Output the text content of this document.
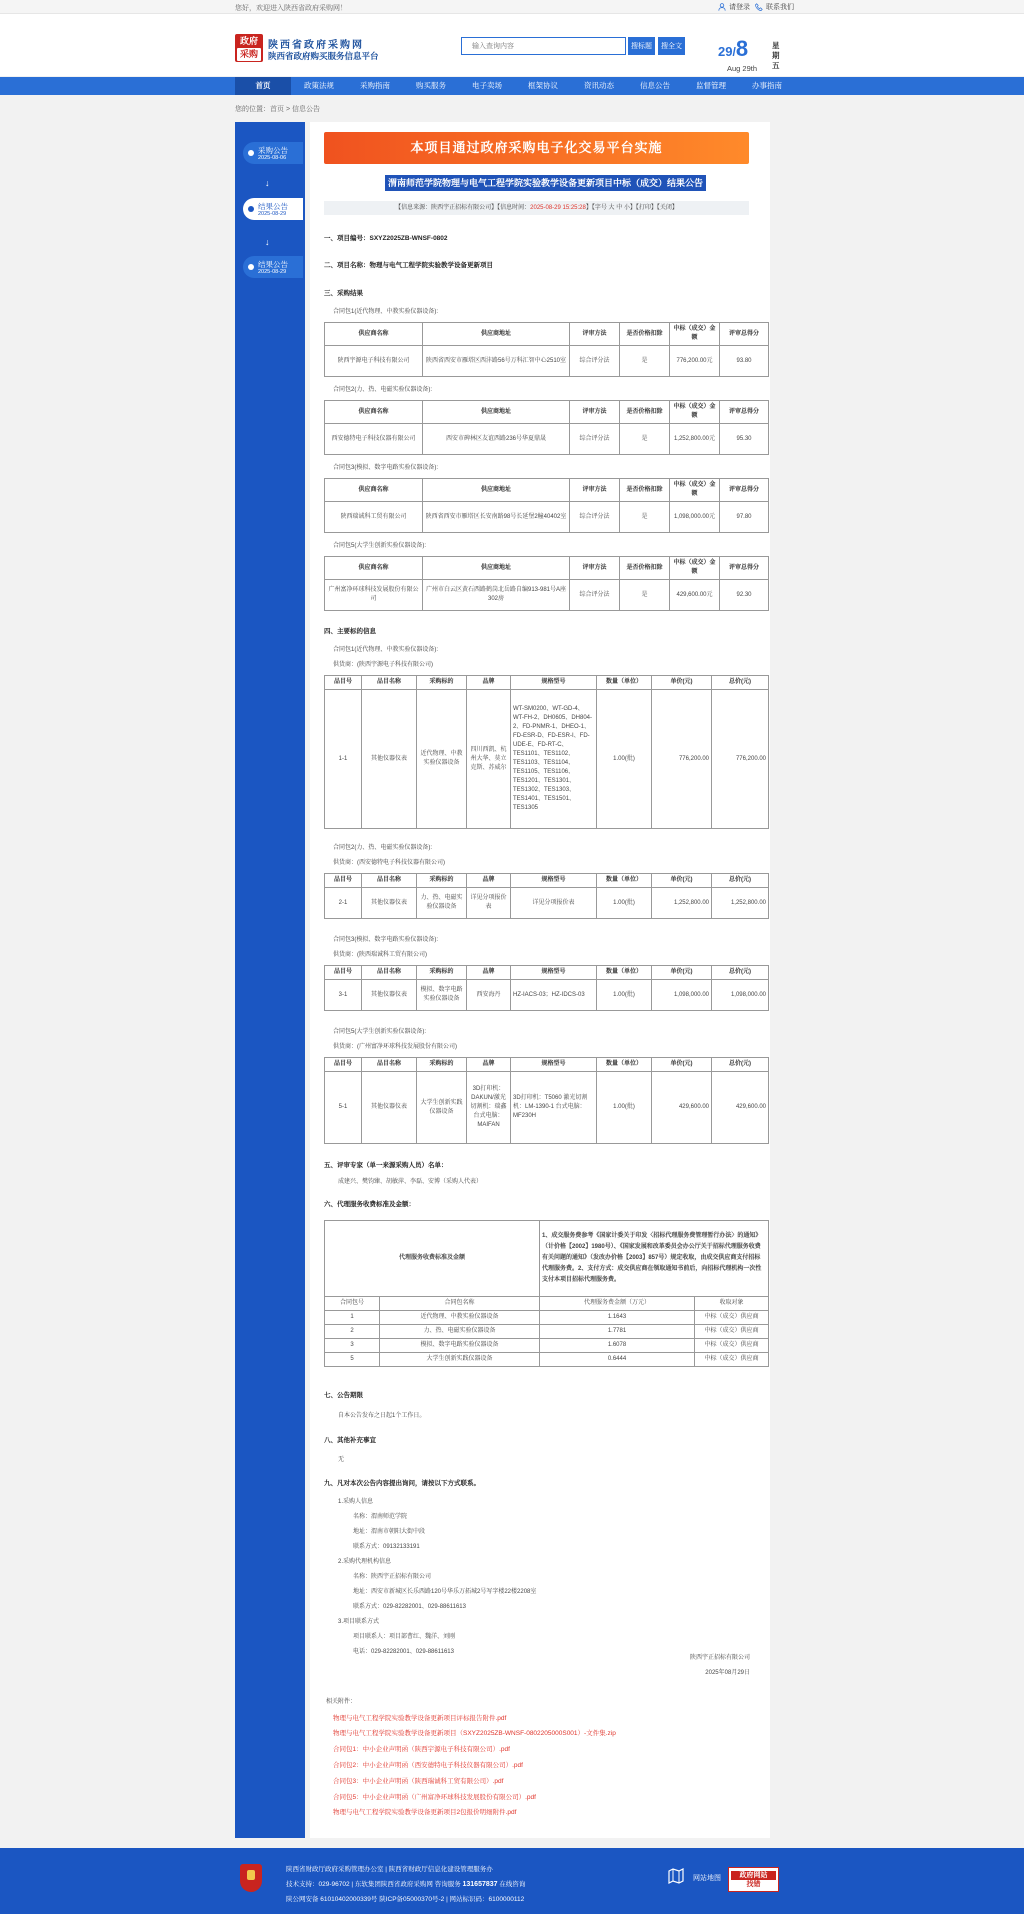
您好，欢迎进入陕西省政府采购网！	请登录 联系我们
政府
采购
陕西省政府采购网
陕西省政府购买服务信息平台
输入查询内容
搜标题	搜全文	29/8
Aug 29th
星期五
首页	政策法规	采购指南	购买服务	电子卖场	框架协议	资讯动态	信息公告	监督管理	办事指南
您的位置：首页 > 信息公告
采购公告
2025-08-06
↓
结果公告
2025-08-29
↓
结果公告
2025-08-29
本项目通过政府采购电子化交易平台实施
渭南师范学院物理与电气工程学院实验教学设备更新项目中标（成交）结果公告
【信息来源：陕西宇正招标有限公司】【信息时间：2025-08-29 15:25:28】【字号 大 中 小】【打印】【关闭】
一、项目编号：SXYZ2025ZB-WNSF-0802
二、项目名称：物理与电气工程学院实验教学设备更新项目
三、采购结果
合同包1(近代物理、中教实验仪器设备):
供应商名称	供应商地址	评审方法	是否价格扣除	中标（成交）金额	评审总得分
陕西宇源电子科技有限公司	陕西省西安市雁塔区西沣路56号万科汇智中心2510室	综合评分法	是	776,200.00元	93.80
合同包2(力、热、电磁实验仪器设备):
供应商名称	供应商地址	评审方法	是否价格扣除	中标（成交）金额	评审总得分
西安德特电子科技仪器有限公司	西安市碑林区友谊西路236号华夏鼎晟	综合评分法	是	1,252,800.00元	95.30
合同包3(模拟、数字电路实验仪器设备):
供应商名称	供应商地址	评审方法	是否价格扣除	中标（成交）金额	评审总得分
陕西瑞诚科工贸有限公司	陕西省西安市雁塔区长安南路98号长延堡2幢40402室	综合评分法	是	1,098,000.00元	97.80
合同包5(大学生创新实验仪器设备):
供应商名称	供应商地址	评审方法	是否价格扣除	中标（成交）金额	评审总得分
广州富净环球科技发展股份有限公司	广州市白云区黄石西路鹤岗北岳路自编913-981号A座302房	综合评分法	是	429,600.00元	92.30
四、主要标的信息
合同包1(近代物理、中教实验仪器设备):
供货商：(陕西宇源电子科技有限公司)
品目号	品目名称	采购标的	品牌	规格型号	数量（单位）	单价(元)	总价(元)
1-1	其他仪器仪表	近代物理、中教实验仪器设备	四川西凯、杭州大华、莫立克斯、苏威尔	WT-SM0200、WT-GD-4、WT-FH-2、DH0605、DH804-2、FD-PNMR-1、DHEO-1、FD-ESR-D、FD-ESR-I、FD-UDE-E、FD-RT-C、TES1101、TES1102、TES1103、TES1104、TES1105、TES1106、TES1201、TES1301、TES1302、TES1303、TES1401、TES1501、TES1305	1.00(批)	776,200.00	776,200.00
合同包2(力、热、电磁实验仪器设备):
供货商：(西安德特电子科技仪器有限公司)
品目号	品目名称	采购标的	品牌	规格型号	数量（单位）	单价(元)	总价(元)
2-1	其他仪器仪表	力、热、电磁实验仪器设备	详见分项报价表	详见分项报价表	1.00(批)	1,252,800.00	1,252,800.00
合同包3(模拟、数字电路实验仪器设备):
供货商：(陕西瑞诚科工贸有限公司)
品目号	品目名称	采购标的	品牌	规格型号	数量（单位）	单价(元)	总价(元)
3-1	其他仪器仪表	模拟、数字电路实验仪器设备	西安海丹	HZ-IACS-03；HZ-IDCS-03	1.00(批)	1,098,000.00	1,098,000.00
合同包5(大学生创新实验仪器设备):
供货商：(广州富净环球科技发展股份有限公司)
品目号	品目名称	采购标的	品牌	规格型号	数量（单位）	单价(元)	总价(元)
5-1	其他仪器仪表	大学生创新实践仪器设备	3D打印机：DAKUN/激光切割机：瑞鑫 台式电脑：MAIFAN	3D打印机：T5060 激光切割机：LM-1390-1 台式电脑：MF230H	1.00(批)	429,600.00	429,600.00
五、评审专家（单一来源采购人员）名单：
成建兴、樊钧臻、胡敏萍、李磊、安博（采购人代表）
六、代理服务收费标准及金额：
代理服务收费标准及金额		1、成交服务费参考《国家计委关于印发〈招标代理服务费管理暂行办法〉的通知》（计价格【2002】1980号）、《国家发展和改革委员会办公厅关于招标代理服务收费有关问题的通知》（发改办价格【2003】857号）规定收取，由成交供应商支付招标代理服务费。2、支付方式：成交供应商在领取通知书前后，向招标代理机构一次性支付本项目招标代理服务费。	
合同包号	合同包名称	代理服务费金额（万元）	收取对象
1	近代物理、中教实验仪器设备	1.1643	中标（成交）供应商
2	力、热、电磁实验仪器设备	1.7781	中标（成交）供应商
3	模拟、数字电路实验仪器设备	1.6078	中标（成交）供应商
5	大学生创新实践仪器设备	0.6444	中标（成交）供应商
七、公告期限
自本公告发布之日起1个工作日。
八、其他补充事宜
无
九、凡对本次公告内容提出询问，请按以下方式联系。
1.采购人信息
名称：渭南师范学院
地址：渭南市朝阳大街中段
联系方式：09132133191
2.采购代理机构信息
名称：陕西宇正招标有限公司
地址：西安市新城区长乐西路120号华乐万拓城2号写字楼22楼2208室
联系方式：029-82282001、029-88611613
3.项目联系方式
项目联系人：项目部曹红、魏洋、刘刚
电话：029-82282001、029-88611613
陕西宇正招标有限公司
2025年08月29日
相关附件：
物理与电气工程学院实验教学设备更新项目评标报告附件.pdf
物理与电气工程学院实验教学设备更新项目（SXYZ2025ZB-WNSF-0802205000S001）-文件集.zip
合同包1：中小企业声明函（陕西宇源电子科技有限公司）.pdf
合同包2：中小企业声明函（西安德特电子科技仪器有限公司）.pdf
合同包3：中小企业声明函（陕西瑞诚科工贸有限公司）.pdf
合同包5：中小企业声明函（广州富净环球科技发展股份有限公司）.pdf
物理与电气工程学院实验教学设备更新项目2包报价明细附件.pdf
陕西省财政厅政府采购管理办公室 | 陕西省财政厅信息化建设管理服务办
技术支持：029-96702 | 东软集团陕西省政府采购网 咨询服务 131657837 在线咨询
陕公网安备 61010402000339号 陕ICP备05000370号-2 | 网站标识码：6100000112
网站地图	政府网站
找错
